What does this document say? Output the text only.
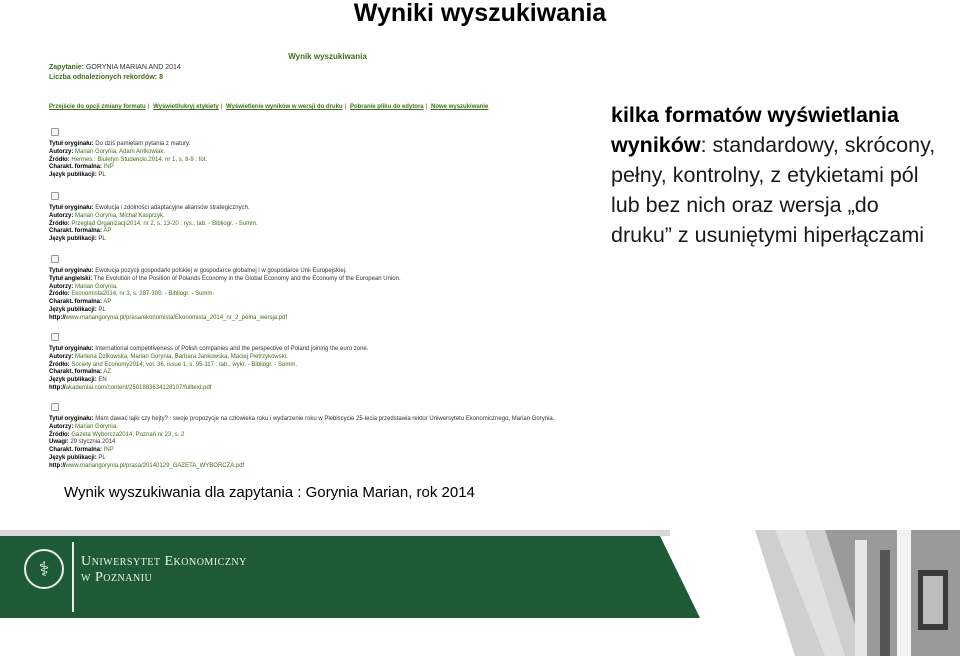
Wyniki wyszukiwania
Wynik wyszukiwania
Zapytanie: GORYNIA MARIAN AND 2014
Liczba odnalezionych rekordów: 8
Przejście do opcji zmiany formatu | Wyświetl/ukryj etykiety | Wyświetlenie wyników w wersji do druku | Pobranie pliku do edytora | Nowe wyszukiwanie
Tytuł oryginału: Do dziś pamiętam pytania z matury.
Autorzy: Marian Gorynia, Adam Antkowiak.
Źródło: Hermes : Biuletyn Studencki.2014, nr 1, s. 8-9 : fot.
Charakt. formalna: INP
Język publikacji: PL
Tytuł oryginału: Ewolucja i zdolności adaptacyjne aliansów strategicznych.
Autorzy: Marian Gorynia, Michał Kasprzyk.
Źródło: Przegląd Organizacji2014, nr 2, s. 13-20 : rys., tab. - Bibliogr. - Summ.
Charakt. formalna: AP
Język publikacji: PL
Tytuł oryginału: Ewolucja pozycji gospodarki polskiej w gospodarce globalnej i w gospodarce Unii Europejskiej.
Tytuł angielski: The Evolution of the Position of Polands Economy in the Global Economy and the Economy of the European Union.
Autorzy: Marian Gorynia.
Źródło: Ekonomista2014, nr 3, s. 287-300. - Bibliogr. - Summ.
Charakt. formalna: AP
Język publikacji: PL
http://www.mariangorynia.pl/prasa/ekonomista/Ekonomista_2014_nr_2_pelna_wersja.pdf
Tytuł oryginału: International competitiveness of Polish companies and the perspective of Poland joining the euro zone.
Autorzy: Marlena Dzikowska, Marian Gorynia, Barbara Jankowska, Maciej Pietrzykowski.
Źródło: Society and Economy2014; vol. 36, issue 1, s. 95-117 : tab., wykr. - Bibliogr. - Summ.
Charakt. formalna: AZ
Język publikacji: EN
http://akademiai.com/content/2501883634128107/fulltext.pdf
Tytuł oryginału: Mam dawać lajki czy hejty? : swoje propozycje na człowieka roku i wydarzenie roku w Plebiscycie 25-lecia przedstawia rektor Uniwersytetu Ekonomicznego, Marian Gorynia.
Autorzy: Marian Gorynia.
Źródło: Gazeta Wyborcza2014; Poznań nr 23, s. 2
Uwagi: 29 stycznia 2014
Charakt. formalna: INP
Język publikacji: PL
http://www.mariangorynia.pl/prasa/20140129_GAZETA_WYBORCZA.pdf
kilka formatów wyświetlania wyników: standardowy, skrócony, pełny, kontrolny, z etykietami pól lub bez nich oraz wersja „do druku” z usuniętymi hiperłączami
Wynik wyszukiwania dla zapytania : Gorynia Marian, rok 2014
⚕	Uniwersytet Ekonomiczny
w Poznaniu
